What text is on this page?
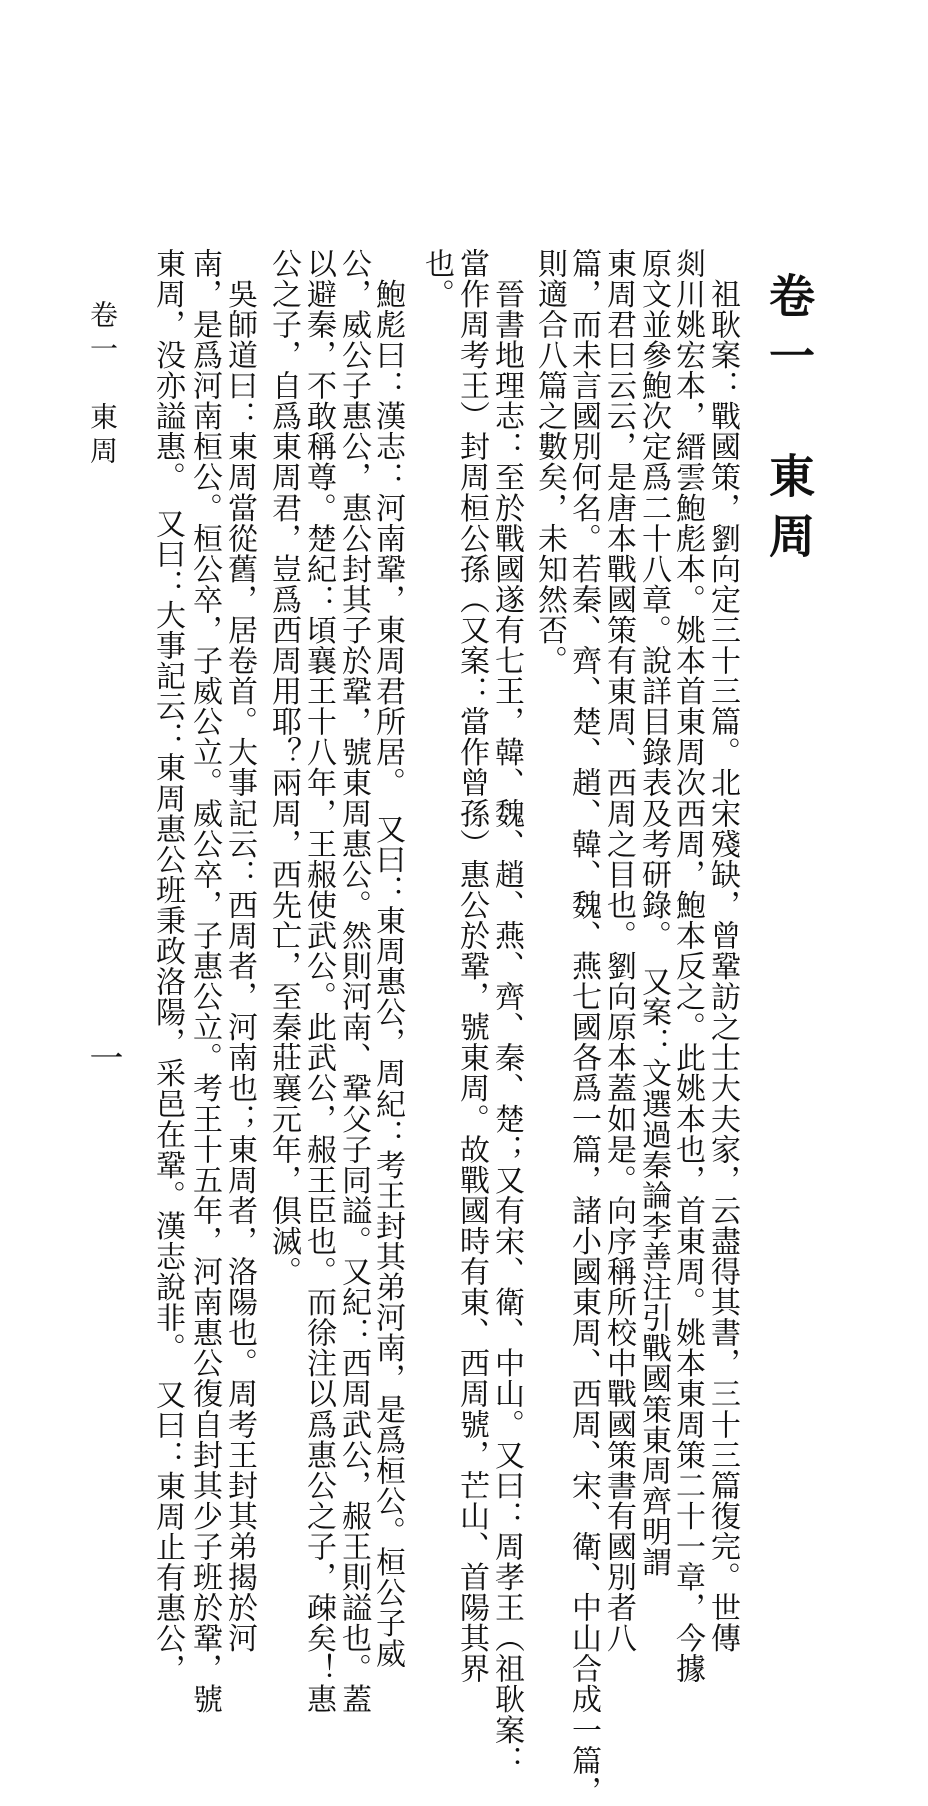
卷一　東周
　祖耿案：戰國策，劉向定三十三篇。北宋殘缺，曾鞏訪之士大夫家，云盡得其書，三十三篇復完。世傳
剡川姚宏本，縉雲鮑彪本。姚本首東周次西周，鮑本反之。此姚本也，首東周。姚本東周策二十一章，今據
原文並參鮑次定爲二十八章。說詳目錄表及考研錄。　又案：文選過秦論李善注引戰國策東周齊明謂
東周君曰云云，是唐本戰國策有東周、西周之目也。劉向原本蓋如是。向序稱所校中戰國策書有國別者八
篇，而未言國別何名。若秦、齊、楚、趙、韓、魏、燕七國各爲一篇，諸小國東周、西周、宋、衛、中山合成一篇，
則適合八篇之數矣，未知然否。
　晉書地理志：至於戰國遂有七王，韓、魏、趙、燕、齊、秦、楚；又有宋、衛、中山。又曰：周孝王（祖耿案：
當作周考王）封周桓公孫（又案：當作曾孫）惠公於鞏，號東周。故戰國時有東、西周號，芒山、首陽其界
也。
　鮑彪曰：漢志：河南鞏，東周君所居。　又曰：東周惠公，周紀：考王封其弟河南，是爲桓公。桓公子威
公，威公子惠公，惠公封其子於鞏，號東周惠公。然則河南、鞏父子同謚。又紀：西周武公，赧王則謚也。蓋
以避秦，不敢稱尊。楚紀：頃襄王十八年，王赧使武公。此武公，赧王臣也。而徐注以爲惠公之子，疎矣！惠
公之子，自爲東周君，豈爲西周用耶？兩周，西先亡，至秦莊襄元年，俱滅。
　吳師道曰：東周當從舊，居卷首。大事記云：西周者，河南也；東周者，洛陽也。周考王封其弟揭於河
南，是爲河南桓公。桓公卒，子威公立。威公卒，子惠公立。考王十五年，河南惠公復自封其少子班於鞏，號
東周，没亦謚惠。　又曰：大事記云：東周惠公班秉政洛陽，采邑在鞏。漢志說非。　又曰：東周止有惠公，
卷一　東周
一
